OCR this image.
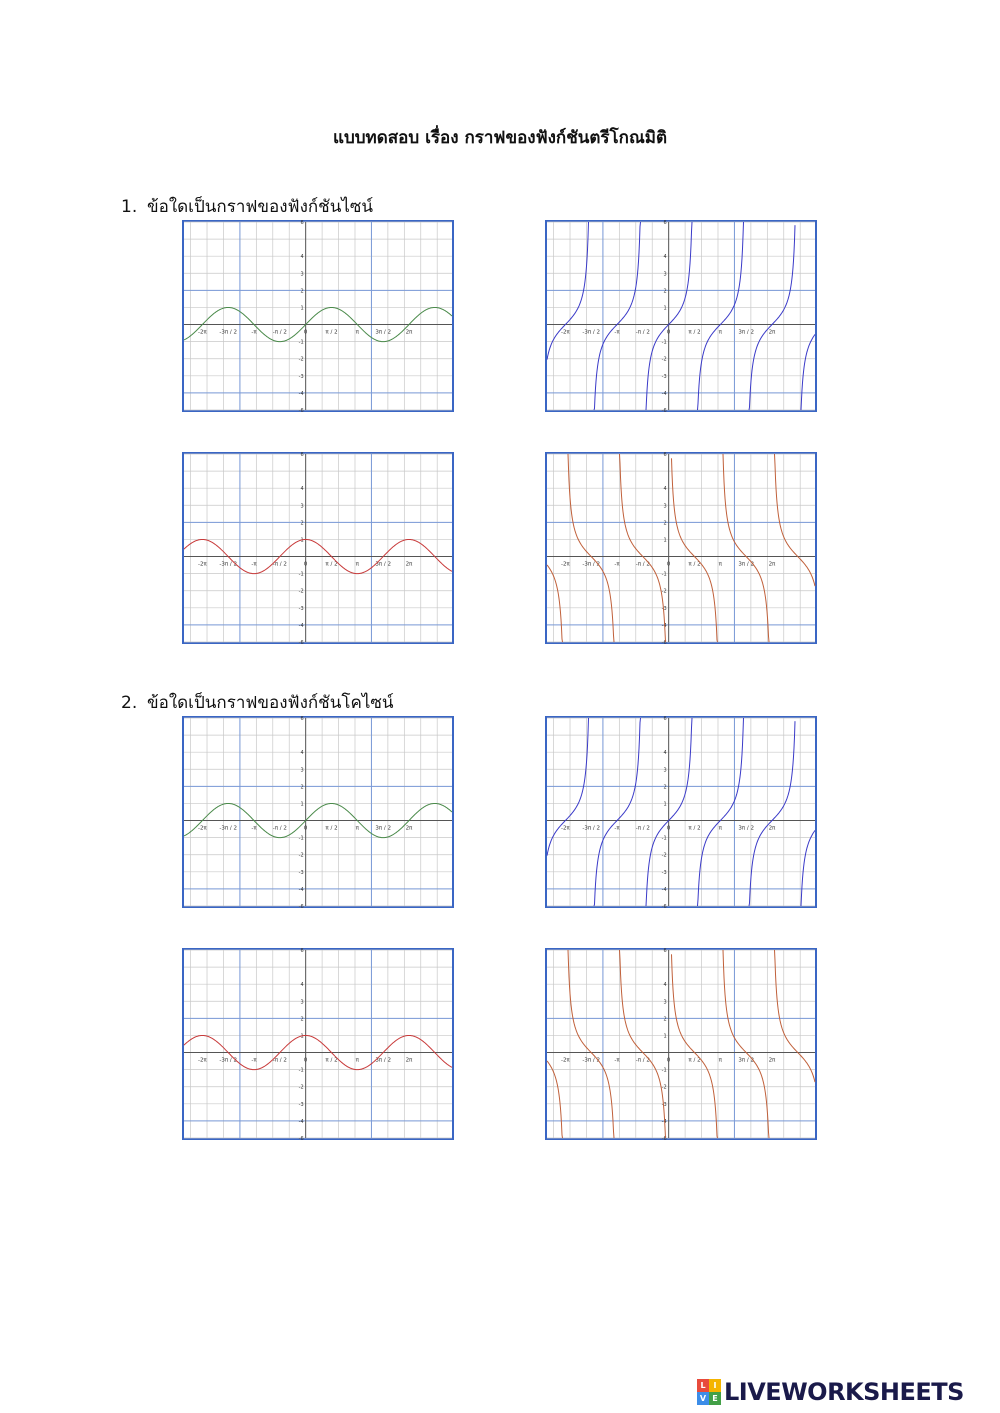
แบบทดสอบ เรื่อง กราฟของฟังก์ชันตรีโกณมิติ
1. ข้อใดเป็นกราฟของฟังก์ชันไซน์
-2π -3π / 2	-π	-π / 2	0	π / 2	π	3π / 2	2π
6
4
3
2
1
-1
-2
-3
-4
-6
-2π -3π / 2	-π	-π / 2	0	π / 2	π	3π / 2	2π
6
4
3
2
1
-1
-2
-3
-4
-6
-2π -3π / 2	-π	-π / 2	0	π / 2	π	3π / 2	2π
6
4
3
2
1
-1
-2
-3
-4
-6
-2π -3π / 2	-π	-π / 2	0	π / 2	π	3π / 2	2π
6
4
3
2
1
-1
-2
-3
-4
-6
2. ข้อใดเป็นกราฟของฟังก์ชันโคไซน์
-2π -3π / 2	-π	-π / 2	0	π / 2	π	3π / 2	2π
6
4
3
2
1
-1
-2
-3
-4
-6
-2π -3π / 2	-π	-π / 2	0	π / 2	π	3π / 2	2π
6
4
3
2
1
-1
-2
-3
-4
-6
-2π -3π / 2	-π	-π / 2	0	π / 2	π	3π / 2	2π
6
4
3
2
1
-1
-2
-3
-4
-6
-2π -3π / 2	-π	-π / 2	0	π / 2	π	3π / 2	2π
6
4
3
2
1
-1
-2
-3
-4
-6
L I
V E LIVEWORKSHEETS
